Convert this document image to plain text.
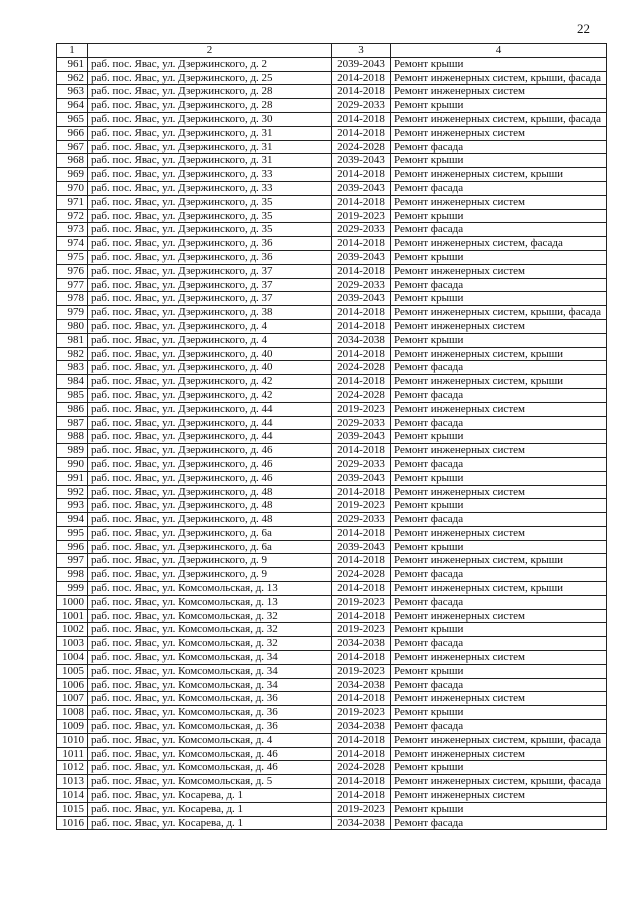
22
1	2	3	4
961	раб. пос. Явас, ул. Дзержинского, д. 2	2039-2043	Ремонт крыши
962	раб. пос. Явас, ул. Дзержинского, д. 25	2014-2018	Ремонт инженерных систем, крыши, фасада
963	раб. пос. Явас, ул. Дзержинского, д. 28	2014-2018	Ремонт инженерных систем
964	раб. пос. Явас, ул. Дзержинского, д. 28	2029-2033	Ремонт крыши
965	раб. пос. Явас, ул. Дзержинского, д. 30	2014-2018	Ремонт инженерных систем, крыши, фасада
966	раб. пос. Явас, ул. Дзержинского, д. 31	2014-2018	Ремонт инженерных систем
967	раб. пос. Явас, ул. Дзержинского, д. 31	2024-2028	Ремонт фасада
968	раб. пос. Явас, ул. Дзержинского, д. 31	2039-2043	Ремонт крыши
969	раб. пос. Явас, ул. Дзержинского, д. 33	2014-2018	Ремонт инженерных систем, крыши
970	раб. пос. Явас, ул. Дзержинского, д. 33	2039-2043	Ремонт фасада
971	раб. пос. Явас, ул. Дзержинского, д. 35	2014-2018	Ремонт инженерных систем
972	раб. пос. Явас, ул. Дзержинского, д. 35	2019-2023	Ремонт крыши
973	раб. пос. Явас, ул. Дзержинского, д. 35	2029-2033	Ремонт фасада
974	раб. пос. Явас, ул. Дзержинского, д. 36	2014-2018	Ремонт инженерных систем, фасада
975	раб. пос. Явас, ул. Дзержинского, д. 36	2039-2043	Ремонт крыши
976	раб. пос. Явас, ул. Дзержинского, д. 37	2014-2018	Ремонт инженерных систем
977	раб. пос. Явас, ул. Дзержинского, д. 37	2029-2033	Ремонт фасада
978	раб. пос. Явас, ул. Дзержинского, д. 37	2039-2043	Ремонт крыши
979	раб. пос. Явас, ул. Дзержинского, д. 38	2014-2018	Ремонт инженерных систем, крыши, фасада
980	раб. пос. Явас, ул. Дзержинского, д. 4	2014-2018	Ремонт инженерных систем
981	раб. пос. Явас, ул. Дзержинского, д. 4	2034-2038	Ремонт крыши
982	раб. пос. Явас, ул. Дзержинского, д. 40	2014-2018	Ремонт инженерных систем, крыши
983	раб. пос. Явас, ул. Дзержинского, д. 40	2024-2028	Ремонт фасада
984	раб. пос. Явас, ул. Дзержинского, д. 42	2014-2018	Ремонт инженерных систем, крыши
985	раб. пос. Явас, ул. Дзержинского, д. 42	2024-2028	Ремонт фасада
986	раб. пос. Явас, ул. Дзержинского, д. 44	2019-2023	Ремонт инженерных систем
987	раб. пос. Явас, ул. Дзержинского, д. 44	2029-2033	Ремонт фасада
988	раб. пос. Явас, ул. Дзержинского, д. 44	2039-2043	Ремонт крыши
989	раб. пос. Явас, ул. Дзержинского, д. 46	2014-2018	Ремонт инженерных систем
990	раб. пос. Явас, ул. Дзержинского, д. 46	2029-2033	Ремонт фасада
991	раб. пос. Явас, ул. Дзержинского, д. 46	2039-2043	Ремонт крыши
992	раб. пос. Явас, ул. Дзержинского, д. 48	2014-2018	Ремонт инженерных систем
993	раб. пос. Явас, ул. Дзержинского, д. 48	2019-2023	Ремонт крыши
994	раб. пос. Явас, ул. Дзержинского, д. 48	2029-2033	Ремонт фасада
995	раб. пос. Явас, ул. Дзержинского, д. 6а	2014-2018	Ремонт инженерных систем
996	раб. пос. Явас, ул. Дзержинского, д. 6а	2039-2043	Ремонт крыши
997	раб. пос. Явас, ул. Дзержинского, д. 9	2014-2018	Ремонт инженерных систем, крыши
998	раб. пос. Явас, ул. Дзержинского, д. 9	2024-2028	Ремонт фасада
999	раб. пос. Явас, ул. Комсомольская, д. 13	2014-2018	Ремонт инженерных систем, крыши
1000	раб. пос. Явас, ул. Комсомольская, д. 13	2019-2023	Ремонт фасада
1001	раб. пос. Явас, ул. Комсомольская, д. 32	2014-2018	Ремонт инженерных систем
1002	раб. пос. Явас, ул. Комсомольская, д. 32	2019-2023	Ремонт крыши
1003	раб. пос. Явас, ул. Комсомольская, д. 32	2034-2038	Ремонт фасада
1004	раб. пос. Явас, ул. Комсомольская, д. 34	2014-2018	Ремонт инженерных систем
1005	раб. пос. Явас, ул. Комсомольская, д. 34	2019-2023	Ремонт крыши
1006	раб. пос. Явас, ул. Комсомольская, д. 34	2034-2038	Ремонт фасада
1007	раб. пос. Явас, ул. Комсомольская, д. 36	2014-2018	Ремонт инженерных систем
1008	раб. пос. Явас, ул. Комсомольская, д. 36	2019-2023	Ремонт крыши
1009	раб. пос. Явас, ул. Комсомольская, д. 36	2034-2038	Ремонт фасада
1010	раб. пос. Явас, ул. Комсомольская, д. 4	2014-2018	Ремонт инженерных систем, крыши, фасада
1011	раб. пос. Явас, ул. Комсомольская, д. 46	2014-2018	Ремонт инженерных систем
1012	раб. пос. Явас, ул. Комсомольская, д. 46	2024-2028	Ремонт крыши
1013	раб. пос. Явас, ул. Комсомольская, д. 5	2014-2018	Ремонт инженерных систем, крыши, фасада
1014	раб. пос. Явас, ул. Косарева, д. 1	2014-2018	Ремонт инженерных систем
1015	раб. пос. Явас, ул. Косарева, д. 1	2019-2023	Ремонт крыши
1016	раб. пос. Явас, ул. Косарева, д. 1	2034-2038	Ремонт фасада
